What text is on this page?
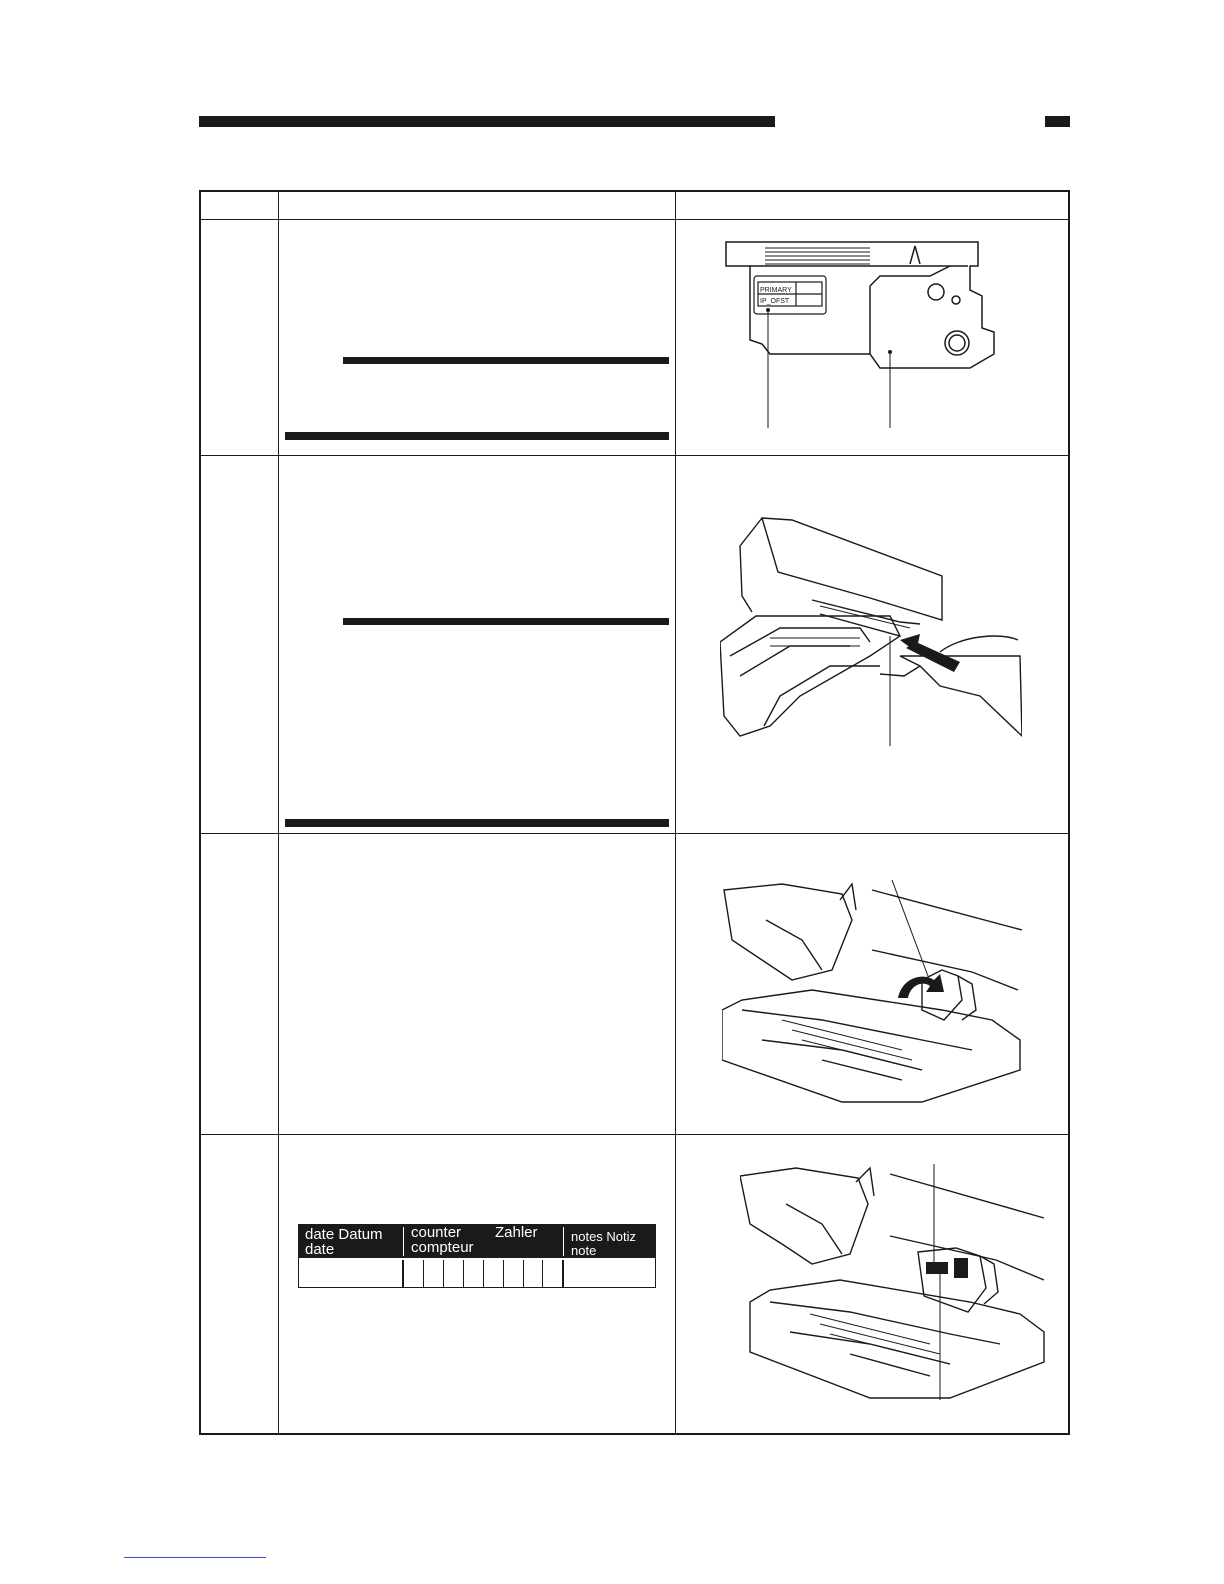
PRIMARY
IP_OFST
date Datum
date
counter Zahler
compteur
notes Notiz
note
